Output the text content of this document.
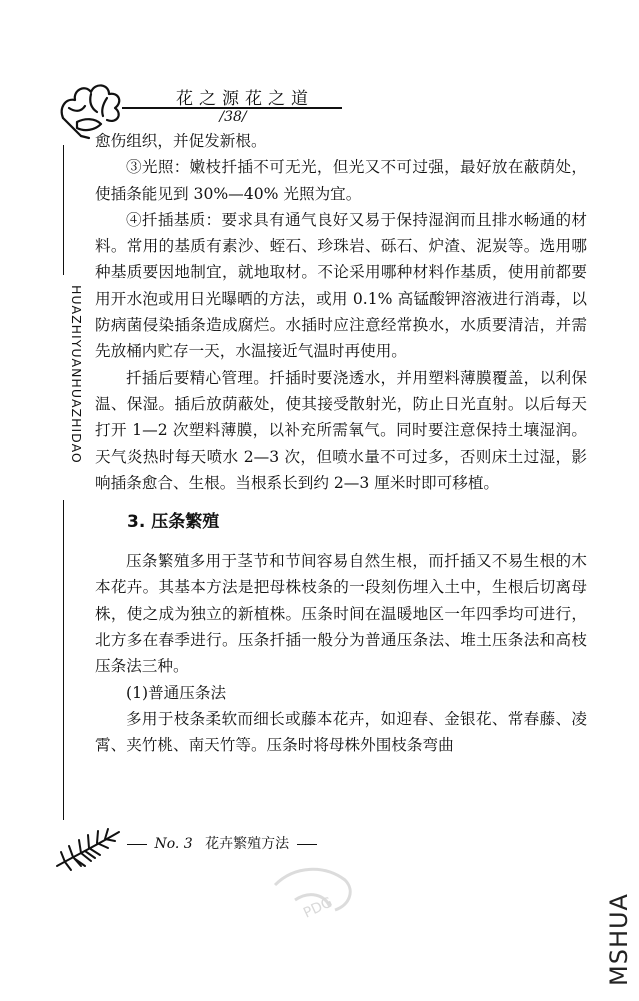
花之源花之道
/38/
HUAZHIYUANHUAZHIDAO

愈伤组织，并促发新根。

③光照：嫩枝扦插不可无光，但光又不可过强，最好放在蔽荫处，使插条能见到 30%—40% 光照为宜。

④扦插基质：要求具有通气良好又易于保持湿润而且排水畅通的材料。常用的基质有素沙、蛭石、珍珠岩、砾石、炉渣、泥炭等。选用哪种基质要因地制宜，就地取材。不论采用哪种材料作基质，使用前都要用开水泡或用日光曝晒的方法，或用 0.1% 高锰酸钾溶液进行消毒，以防病菌侵染插条造成腐烂。水插时应注意经常换水，水质要清洁，并需先放桶内贮存一天，水温接近气温时再使用。

扦插后要精心管理。扦插时要浇透水，并用塑料薄膜覆盖，以利保温、保湿。插后放荫蔽处，使其接受散射光，防止日光直射。以后每天打开 1—2 次塑料薄膜，以补充所需氧气。同时要注意保持土壤湿润。天气炎热时每天喷水 2—3 次，但喷水量不可过多，否则床土过湿，影响插条愈合、生根。当根系长到约 2—3 厘米时即可移植。

3. 压条繁殖

压条繁殖多用于茎节和节间容易自然生根，而扦插又不易生根的木本花卉。其基本方法是把母株枝条的一段刻伤埋入土中，生根后切离母株，使之成为独立的新植株。压条时间在温暖地区一年四季均可进行，北方多在春季进行。压条扦插一般分为普通压条法、堆土压条法和高枝压条法三种。

(1)普通压条法

多用于枝条柔软而细长或藤本花卉，如迎春、金银花、常春藤、凌霄、夹竹桃、南天竹等。压条时将母株外围枝条弯曲

No. 3 花卉繁殖方法
PDG	MSHUA
